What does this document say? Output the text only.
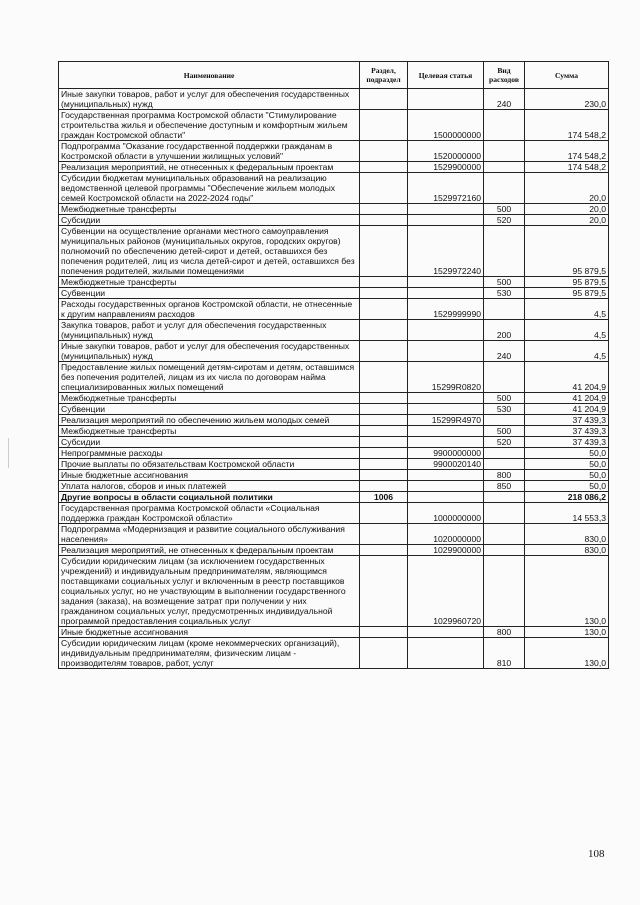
Наименование	Раздел, подраздел	Целевая статья	Вид расходов	Сумма
Иные закупки товаров, работ и услуг для обеспечения государственных (муниципальных) нужд			240	230,0
Государственная программа Костромской области "Стимулирование строительства жилья и обеспечение доступным и комфортным жильем граждан Костромской области"		1500000000		174 548,2
Подпрограмма "Оказание государственной поддержки гражданам в Костромской области в улучшении жилищных условий"		1520000000		174 548,2
Реализация мероприятий, не отнесенных к федеральным проектам		1529900000		174 548,2
Субсидии бюджетам муниципальных образований на реализацию ведомственной целевой программы "Обеспечение жильем молодых семей Костромской области на 2022-2024 годы"		1529972160		20,0
Межбюджетные трансферты			500	20,0
Субсидии			520	20,0
Субвенции на осуществление органами местного самоуправления муниципальных районов (муниципальных округов, городских округов) полномочий по обеспечению детей-сирот и детей, оставшихся без попечения родителей, лиц из числа детей-сирот и детей, оставшихся без попечения родителей, жилыми помещениями		1529972240		95 879,5
Межбюджетные трансферты			500	95 879,5
Субвенции			530	95 879,5
Расходы государственных органов Костромской области, не отнесенные к другим направлениям расходов		1529999990		4,5
Закупка товаров, работ и услуг для обеспечения государственных (муниципальных) нужд			200	4,5
Иные закупки товаров, работ и услуг для обеспечения государственных (муниципальных) нужд			240	4,5
Предоставление жилых помещений детям-сиротам и детям, оставшимся без попечения родителей, лицам из их числа по договорам найма специализированных жилых помещений		15299R0820		41 204,9
Межбюджетные трансферты			500	41 204,9
Субвенции			530	41 204,9
Реализация мероприятий по обеспечению жильем молодых семей		15299R4970		37 439,3
Межбюджетные трансферты			500	37 439,3
Субсидии			520	37 439,3
Непрограммные расходы		9900000000		50,0
Прочие выплаты по обязательствам Костромской области		9900020140		50,0
Иные бюджетные ассигнования			800	50,0
Уплата налогов, сборов и иных платежей			850	50,0
Другие вопросы в области социальной политики	1006			218 086,2
Государственная программа Костромской области «Социальная поддержка граждан Костромской области»		1000000000		14 553,3
Подпрограмма «Модернизация и развитие социального обслуживания населения»		1020000000		830,0
Реализация мероприятий, не отнесенных к федеральным проектам		1029900000		830,0
Субсидии юридическим лицам (за исключением государственных учреждений) и индивидуальным предпринимателям, являющимся поставщиками социальных услуг и включенным в реестр поставщиков социальных услуг, но не участвующим в выполнении государственного задания (заказа), на возмещение затрат при получении у них гражданином социальных услуг, предусмотренных индивидуальной программой предоставления социальных услуг		1029960720		130,0
Иные бюджетные ассигнования			800	130,0
Субсидии юридическим лицам (кроме некоммерческих организаций), индивидуальным предпринимателям, физическим лицам - производителям товаров, работ, услуг			810	130,0
108
